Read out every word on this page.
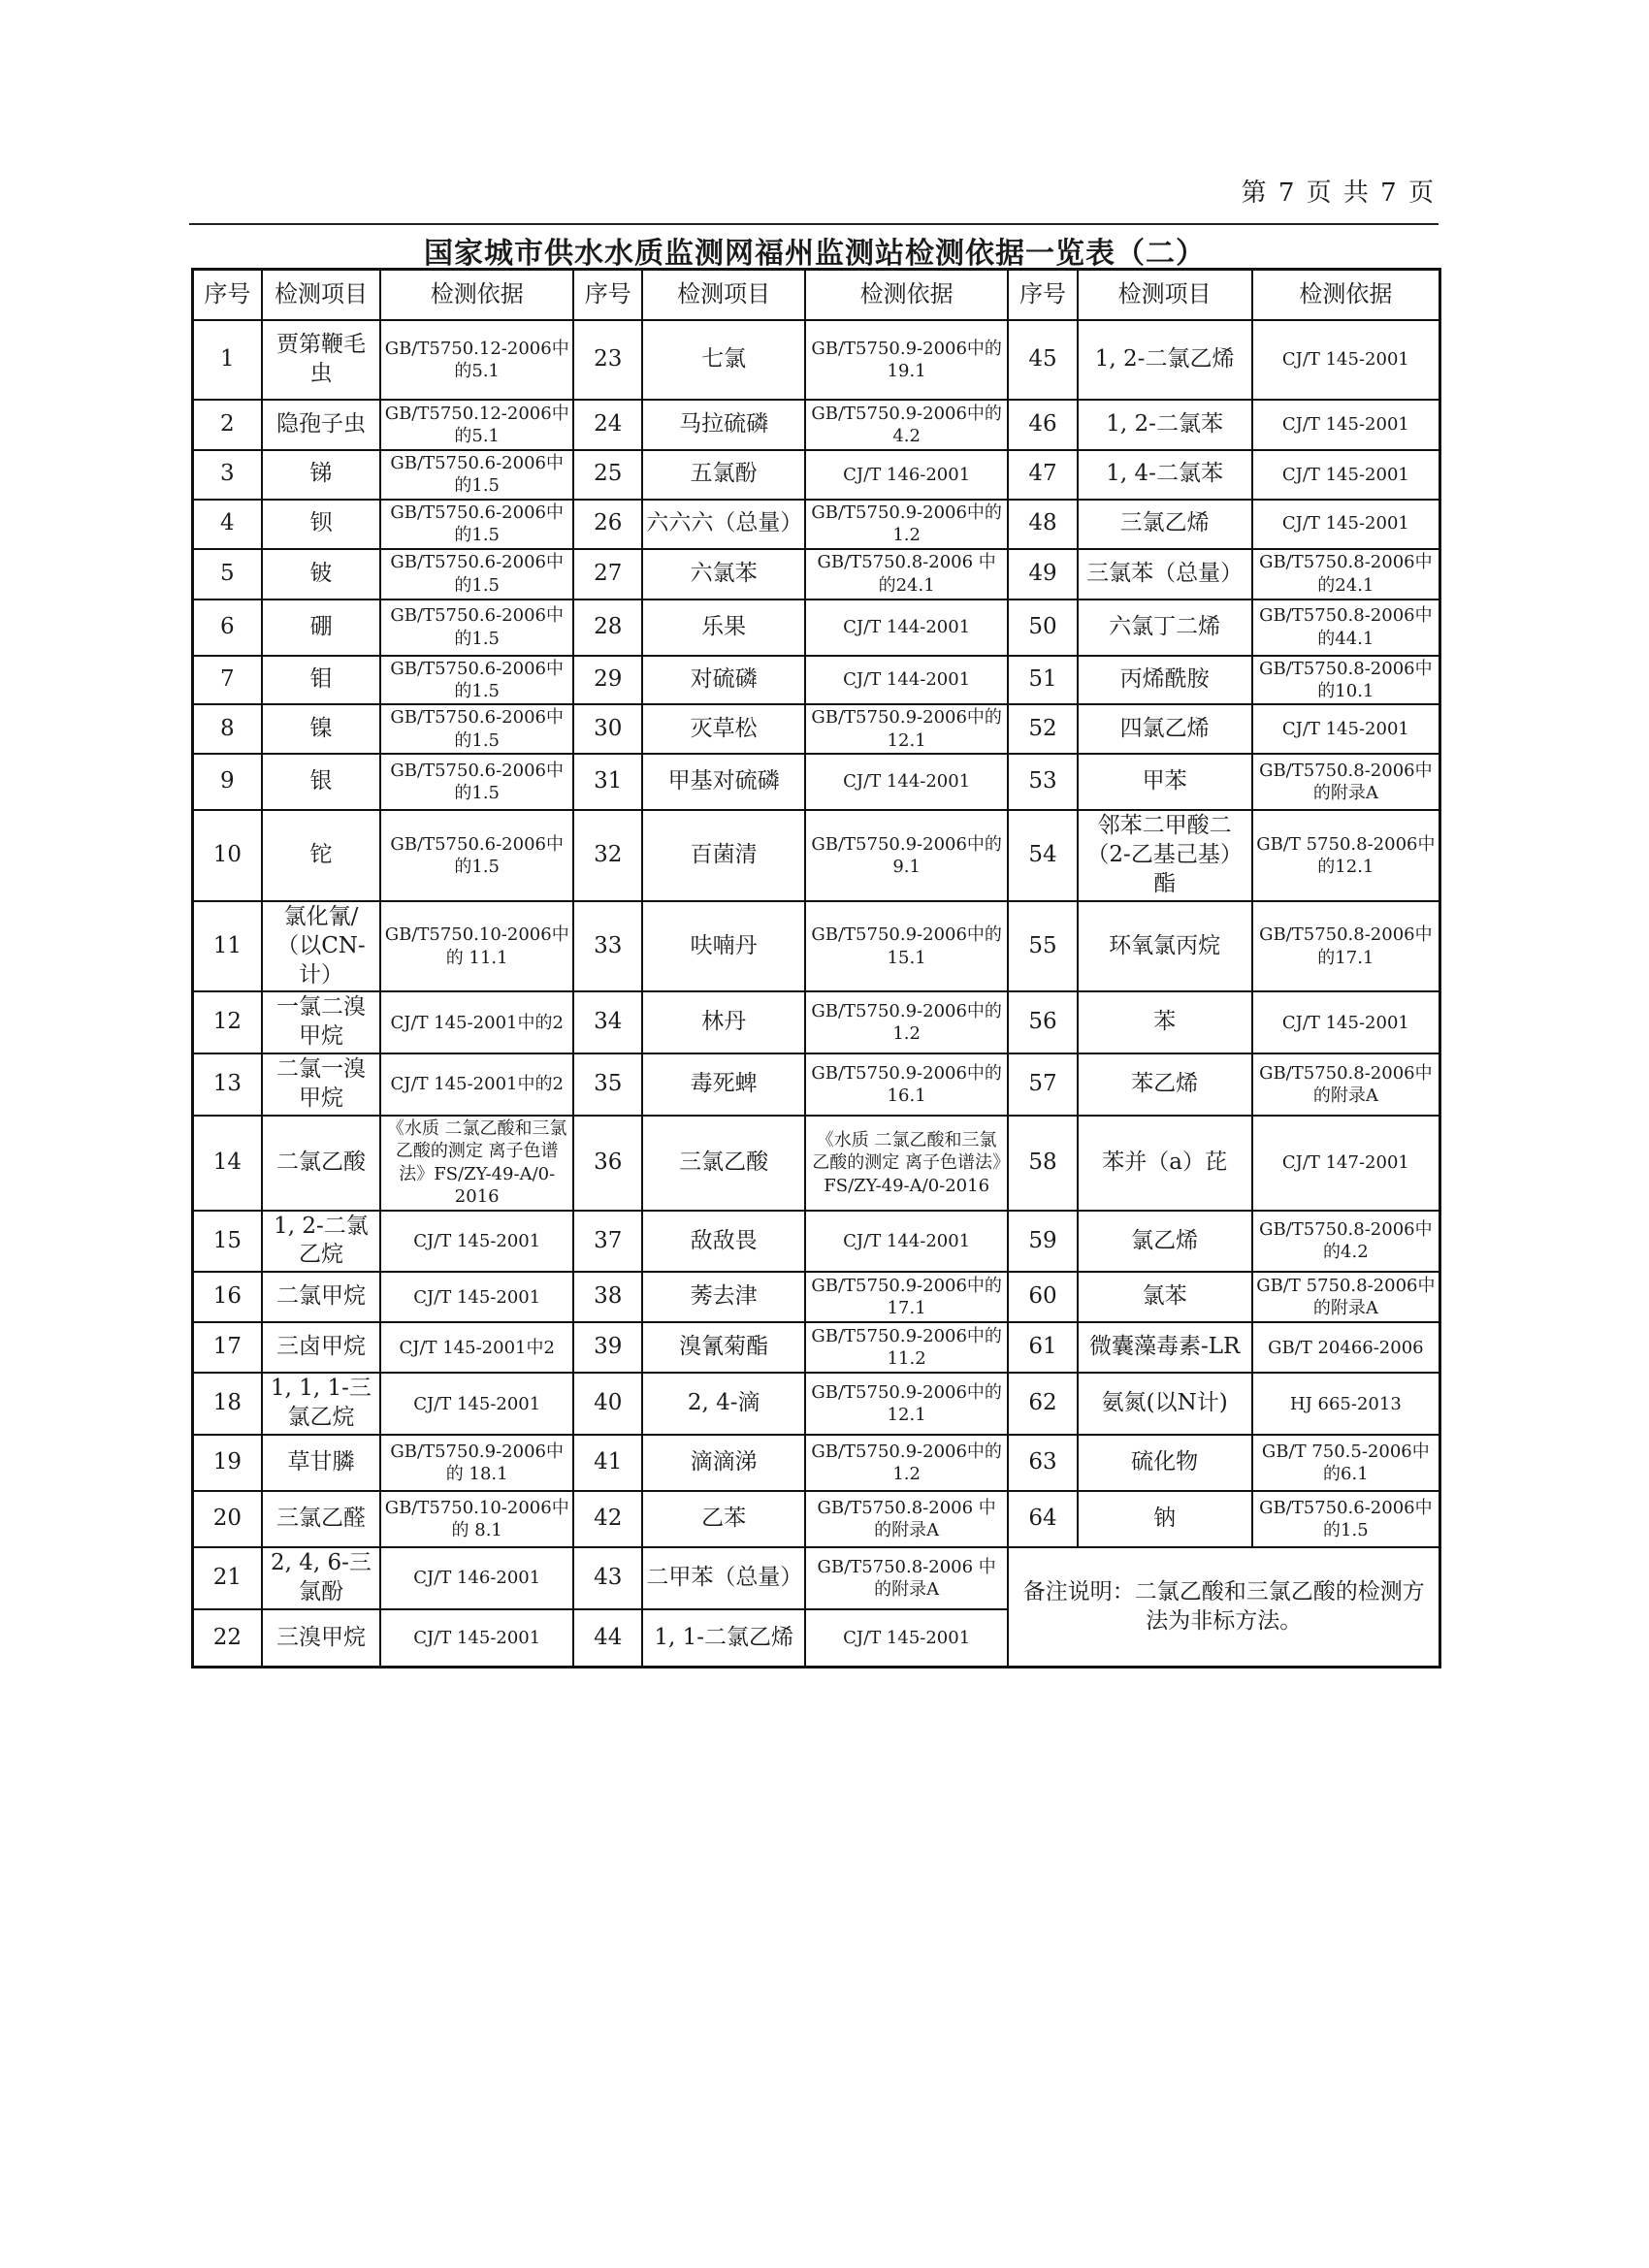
第 7 页 共 7 页
国家城市供水水质监测网福州监测站检测依据一览表（二）
序号	检测项目	检测依据	序号	检测项目	检测依据	序号	检测项目	检测依据
1	贾第鞭毛虫	GB/T5750.12-2006中的5.1	23	七氯	GB/T5750.9-2006中的 19.1	45	1, 2-二氯乙烯	CJ/T 145-2001
2	隐孢子虫	GB/T5750.12-2006中的5.1	24	马拉硫磷	GB/T5750.9-2006中的 4.2	46	1, 2-二氯苯	CJ/T 145-2001
3	锑	GB/T5750.6-2006中的1.5	25	五氯酚	CJ/T 146-2001	47	1, 4-二氯苯	CJ/T 145-2001
4	钡	GB/T5750.6-2006中的1.5	26	六六六（总量）	GB/T5750.9-2006中的 1.2	48	三氯乙烯	CJ/T 145-2001
5	铍	GB/T5750.6-2006中的1.5	27	六氯苯	GB/T5750.8-2006 中的24.1	49	三氯苯（总量）	GB/T5750.8-2006中的24.1
6	硼	GB/T5750.6-2006中的1.5	28	乐果	CJ/T 144-2001	50	六氯丁二烯	GB/T5750.8-2006中的44.1
7	钼	GB/T5750.6-2006中的1.5	29	对硫磷	CJ/T 144-2001	51	丙烯酰胺	GB/T5750.8-2006中的10.1
8	镍	GB/T5750.6-2006中的1.5	30	灭草松	GB/T5750.9-2006中的 12.1	52	四氯乙烯	CJ/T 145-2001
9	银	GB/T5750.6-2006中的1.5	31	甲基对硫磷	CJ/T 144-2001	53	甲苯	GB/T5750.8-2006中的附录A
10	铊	GB/T5750.6-2006中的1.5	32	百菌清	GB/T5750.9-2006中的 9.1	54	邻苯二甲酸二（2-乙基己基）酯	GB/T 5750.8-2006中的12.1
11	氯化氰/（以CN-计）	GB/T5750.10-2006中的 11.1	33	呋喃丹	GB/T5750.9-2006中的 15.1	55	环氧氯丙烷	GB/T5750.8-2006中的17.1
12	一氯二溴甲烷	CJ/T 145-2001中的2	34	林丹	GB/T5750.9-2006中的 1.2	56	苯	CJ/T 145-2001
13	二氯一溴甲烷	CJ/T 145-2001中的2	35	毒死蜱	GB/T5750.9-2006中的 16.1	57	苯乙烯	GB/T5750.8-2006中的附录A
14	二氯乙酸	《水质 二氯乙酸和三氯乙酸的测定 离子色谱法》FS/ZY-49-A/0-2016	36	三氯乙酸	《水质 二氯乙酸和三氯乙酸的测定 离子色谱法》FS/ZY-49-A/0-2016	58	苯并（a）芘	CJ/T 147-2001
15	1, 2-二氯乙烷	CJ/T 145-2001	37	敌敌畏	CJ/T 144-2001	59	氯乙烯	GB/T5750.8-2006中的4.2
16	二氯甲烷	CJ/T 145-2001	38	莠去津	GB/T5750.9-2006中的 17.1	60	氯苯	GB/T 5750.8-2006中的附录A
17	三卤甲烷	CJ/T 145-2001中2	39	溴氰菊酯	GB/T5750.9-2006中的 11.2	61	微囊藻毒素-LR	GB/T 20466-2006
18	1, 1, 1-三氯乙烷	CJ/T 145-2001	40	2, 4-滴	GB/T5750.9-2006中的 12.1	62	氨氮(以N计)	HJ 665-2013
19	草甘膦	GB/T5750.9-2006中的 18.1	41	滴滴涕	GB/T5750.9-2006中的 1.2	63	硫化物	GB/T 750.5-2006中的6.1
20	三氯乙醛	GB/T5750.10-2006中的 8.1	42	乙苯	GB/T5750.8-2006 中的附录A	64	钠	GB/T5750.6-2006中的1.5
21	2, 4, 6-三氯酚	CJ/T 146-2001	43	二甲苯（总量）	GB/T5750.8-2006 中的附录A	备注说明：二氯乙酸和三氯乙酸的检测方法为非标方法。		
22	三溴甲烷	CJ/T 145-2001	44	1, 1-二氯乙烯	CJ/T 145-2001			
